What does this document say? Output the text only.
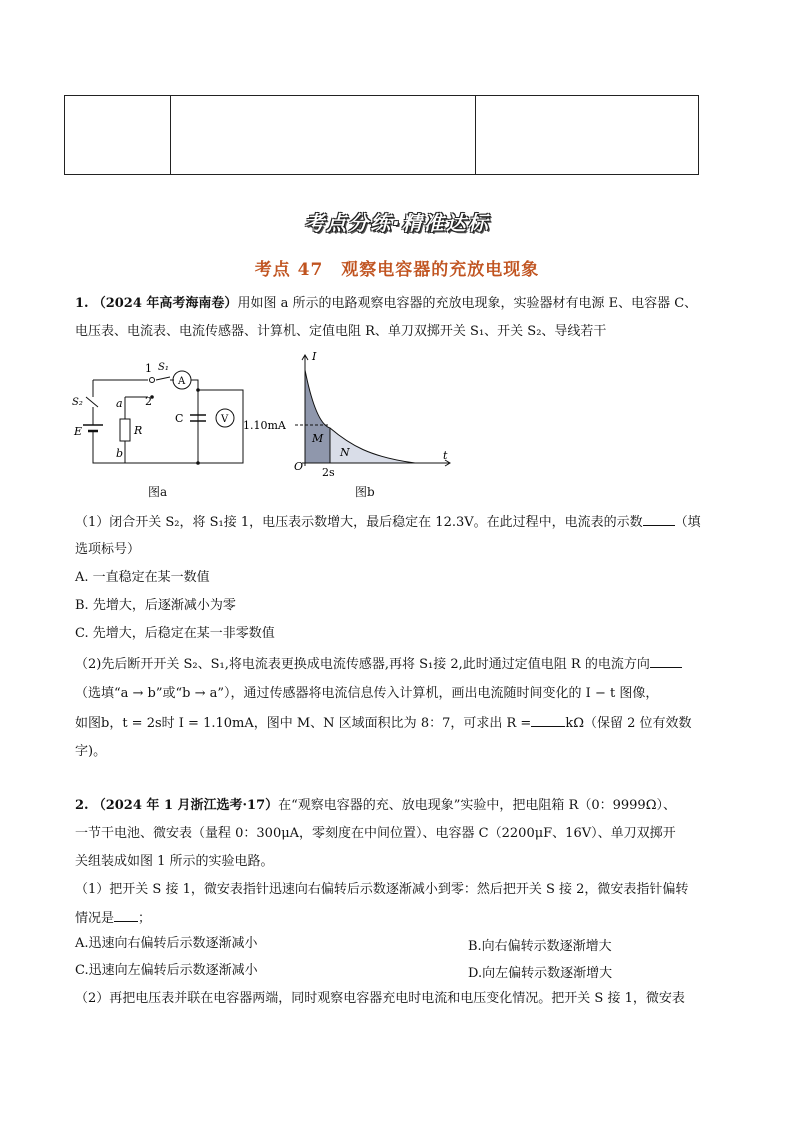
考点分练·精准达标
考点 47　观察电容器的充放电现象
1. （2024 年高考海南卷）用如图 a 所示的电路观察电容器的充放电现象，实验器材有电源 E、电容器 C、
电压表、电流表、电流传感器、计算机、定值电阻 R、单刀双掷开关 S₁、开关 S₂、导线若干
1 S₁
2
S₂
E
a
R
b
C
A
V
图a
I
t
O
1.10mA
2s
M
N
图b
（1）闭合开关 S₂，将 S₁接 1，电压表示数增大，最后稳定在 12.3V。在此过程中，电流表的示数 （填
选项标号）
A. 一直稳定在某一数值
B. 先增大，后逐渐减小为零
C. 先增大，后稳定在某一非零数值
（2)先后断开开关 S₂、S₁,将电流表更换成电流传感器,再将 S₁接 2,此时通过定值电阻 R 的电流方向
（选填“a → b”或“b → a”），通过传感器将电流信息传入计算机，画出电流随时间变化的 I − t 图像，
如图b，t = 2s时 I = 1.10mA，图中 M、N 区域面积比为 8：7，可求出 R =	kΩ（保留 2 位有效数
字)。
2. （2024 年 1 月浙江选考·17）在“观察电容器的充、放电现象”实验中，把电阻箱 R（0：9999Ω）、
一节干电池、微安表（量程 0：300μA，零刻度在中间位置）、电容器 C（2200μF、16V）、单刀双掷开
关组装成如图 1 所示的实验电路。
（1）把开关 S 接 1，微安表指针迅速向右偏转后示数逐渐减小到零：然后把开关 S 接 2，微安表指针偏转
情况是 ；
A.迅速向右偏转后示数逐渐减小	B.向右偏转示数逐渐增大
C.迅速向左偏转后示数逐渐减小	D.向左偏转示数逐渐增大
（2）再把电压表并联在电容器两端，同时观察电容器充电时电流和电压变化情况。把开关 S 接 1，微安表
